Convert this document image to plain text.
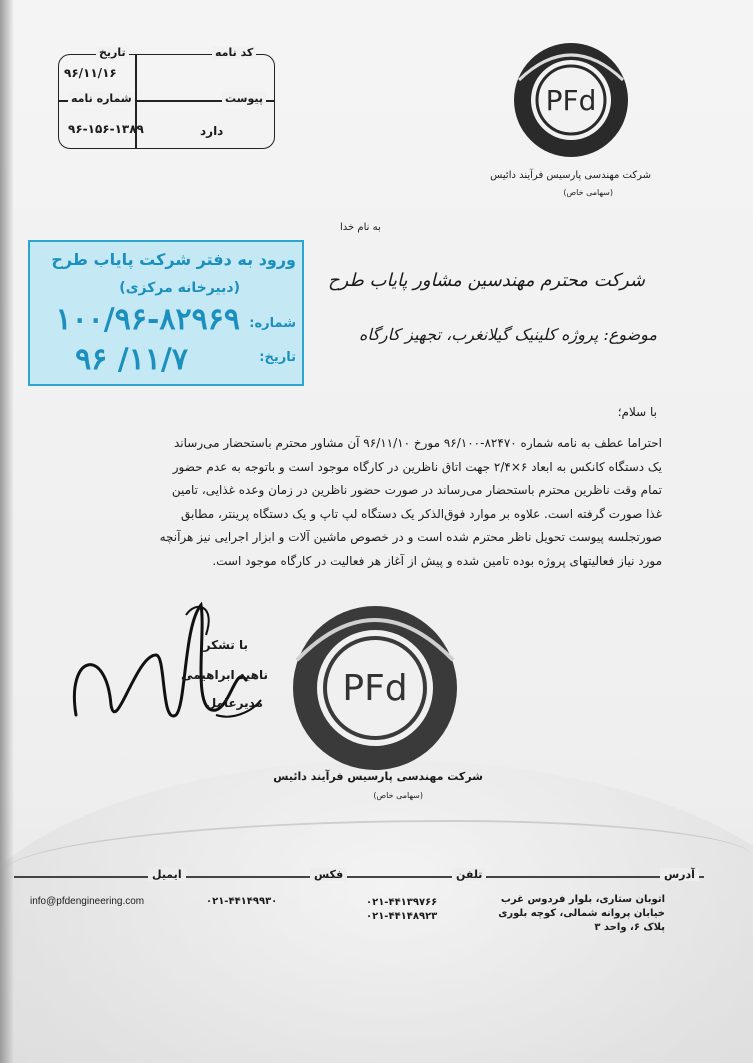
تاریخ
۹۶/۱۱/۱۶
کد نامه
شماره نامه
۹۶-۱۵۶-۱۳۸۹
پیوست
دارد
PFd
شرکت مهندسی پارسیس فرآیند دائیس
(سهامی خاص)
به نام خدا
ورود به دفتر شرکت پایاب طرح
(دبیرخانه مرکزی)
شماره:
۱۰۰/۹۶-۸۲۹۶۹
تاریخ:
۹۶ /۱۱/۷
شرکت محترم مهندسین مشاور پایاب طرح
موضوع: پروژه کلینیک گیلانغرب، تجهیز کارگاه
با سلام؛

احتراما عطف به نامه شماره ۸۲۴۷۰-۹۶/۱۰۰ مورخ ۹۶/۱۱/۱۰ آن مشاور محترم باستحضار می‌رساند

یک دستگاه کانکس به ابعاد ۶×۲/۴ جهت اتاق ناظرین در کارگاه موجود است و باتوجه به عدم حضور

تمام وقت ناظرین محترم باستحضار می‌رساند در صورت حضور ناظرین در زمان وعده غذایی، تامین

غذا صورت گرفته است. علاوه بر موارد فوق‌الذکر یک دستگاه لپ تاپ و یک دستگاه پرینتر، مطابق

صورتجلسه پیوست تحویل ناظر محترم شده است و در خصوص ماشین آلات و ابزار اجرایی نیز هرآنچه

مورد نیاز فعالیتهای پروژه بوده تامین شده و پیش از آغاز هر فعالیت در کارگاه موجود است.

با تشکر
ناهید ابراهیمی
مدیرعامل PFd
شرکت مهندسی پارسیس فرآیند دائیس
(سهامی خاص)
آدرس
تلفن
فکس
ایمیل
اتوبان ستاری، بلوار فردوس غرب
خیابان پروانه شمالی، کوچه بلوری
پلاک ۶، واحد ۳
۰۲۱-۴۴۱۳۹۷۶۶
۰۲۱-۴۴۱۴۸۹۲۳
۰۲۱-۴۴۱۴۹۹۳۰
info@pfdengineering.com
